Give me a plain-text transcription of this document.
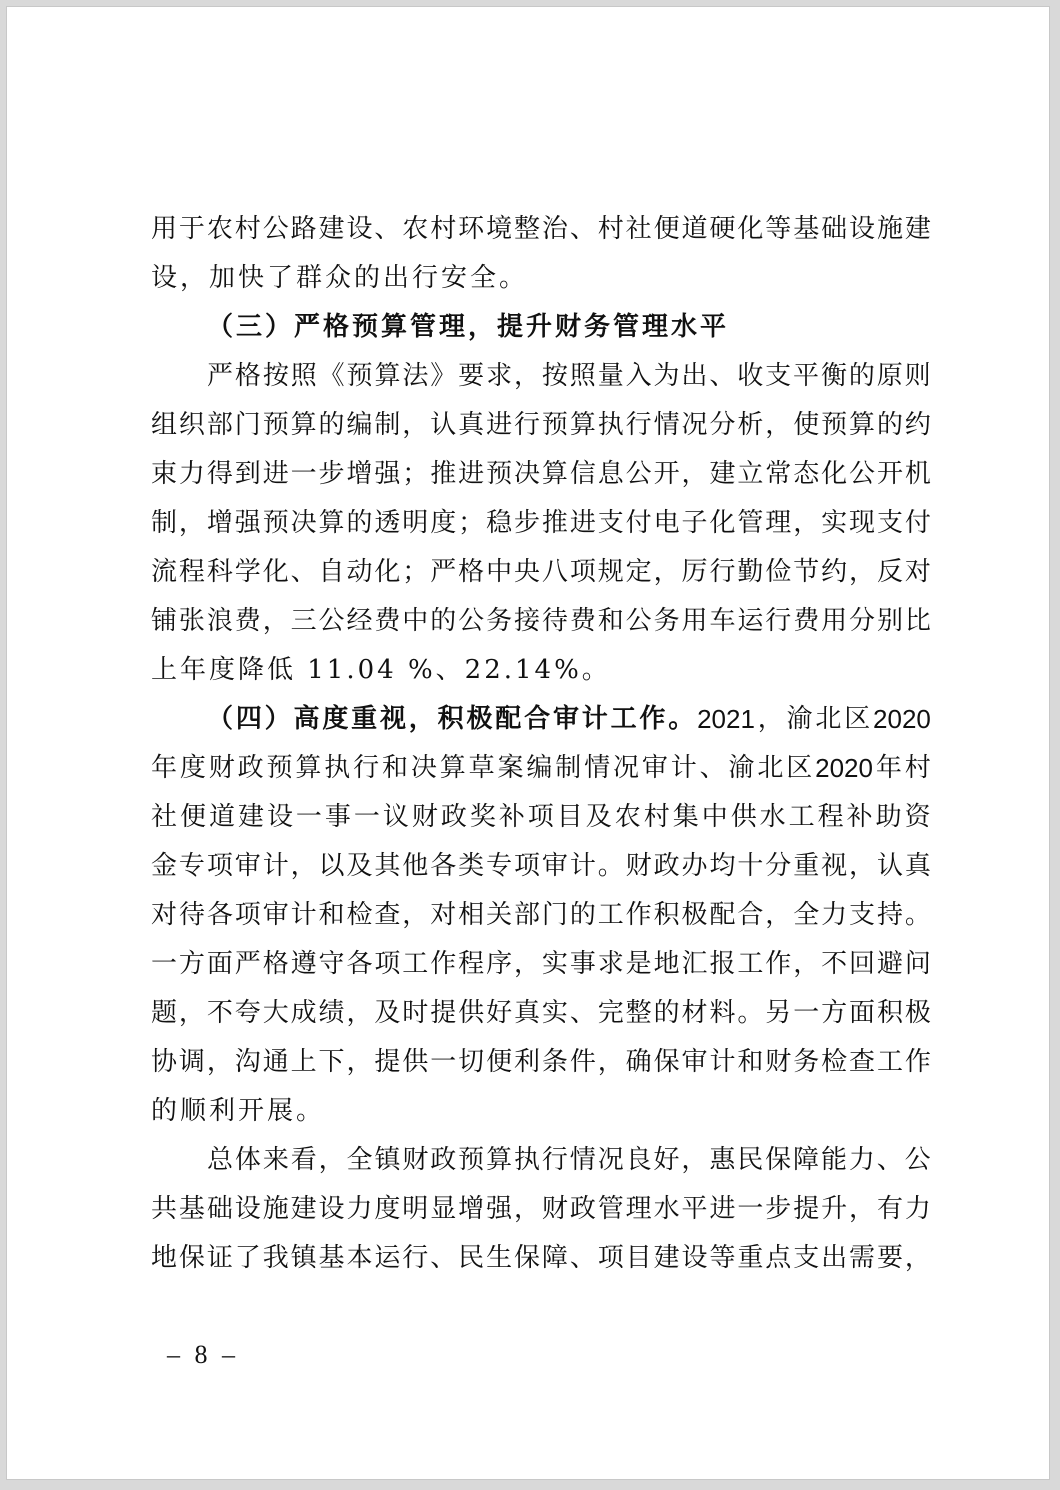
用 于 农 村 公 路 建 设 、 农 村 环 境 整 治 、 村 社 便 道 硬 化 等 基 础 设 施 建
设，加快了群众的出行安全。
（三）严格预算管理，提升财务管理水平
严 格 按 照 《 预 算 法 》 要 求 ， 按 照 量 入 为 出 、 收 支 平 衡 的 原 则
组 织 部 门 预 算 的 编 制 ， 认 真 进 行 预 算 执 行 情 况 分 析 ， 使 预 算 的 约
束 力 得 到 进 一 步 增 强 ； 推 进 预 决 算 信 息 公 开 ， 建 立 常 态 化 公 开 机
制 ， 增 强 预 决 算 的 透 明 度 ； 稳 步 推 进 支 付 电 子 化 管 理 ， 实 现 支 付
流 程 科 学 化 、 自 动 化 ； 严 格 中 央 八 项 规 定 ， 厉 行 勤 俭 节 约 ， 反 对
铺 张 浪 费 ， 三 公 经 费 中 的 公 务 接 待 费 和 公 务 用 车 运 行 费 用 分 别 比
上年度降低 11.04 %、22.14%。
（ 四 ） 高 度 重 视 ， 积 极 配 合 审 计 工 作 。 2021 ， 渝 北 区 2020
年 度 财 政 预 算 执 行 和 决 算 草 案 编 制 情 况 审 计 、 渝 北 区 2020 年 村
社 便 道 建 设 一 事 一 议 财 政 奖 补 项 目 及 农 村 集 中 供 水 工 程 补 助 资
金 专 项 审 计 ， 以 及 其 他 各 类 专 项 审 计 。 财 政 办 均 十 分 重 视 ， 认 真
对 待 各 项 审 计 和 检 查 ， 对 相 关 部 门 的 工 作 积 极 配 合 ， 全 力 支 持 。
一 方 面 严 格 遵 守 各 项 工 作 程 序 ， 实 事 求 是 地 汇 报 工 作 ， 不 回 避 问
题 ， 不 夸 大 成 绩 ， 及 时 提 供 好 真 实 、 完 整 的 材 料 。 另 一 方 面 积 极
协 调 ， 沟 通 上 下 ， 提 供 一 切 便 利 条 件 ， 确 保 审 计 和 财 务 检 查 工 作
的顺利开展。
总 体 来 看 ， 全 镇 财 政 预 算 执 行 情 况 良 好 ， 惠 民 保 障 能 力 、 公
共 基 础 设 施 建 设 力 度 明 显 增 强 ， 财 政 管 理 水 平 进 一 步 提 升 ， 有 力
地 保 证 了 我 镇 基 本 运 行 、 民 生 保 障 、 项 目 建 设 等 重 点 支 出 需 要 ，
– 8 –
